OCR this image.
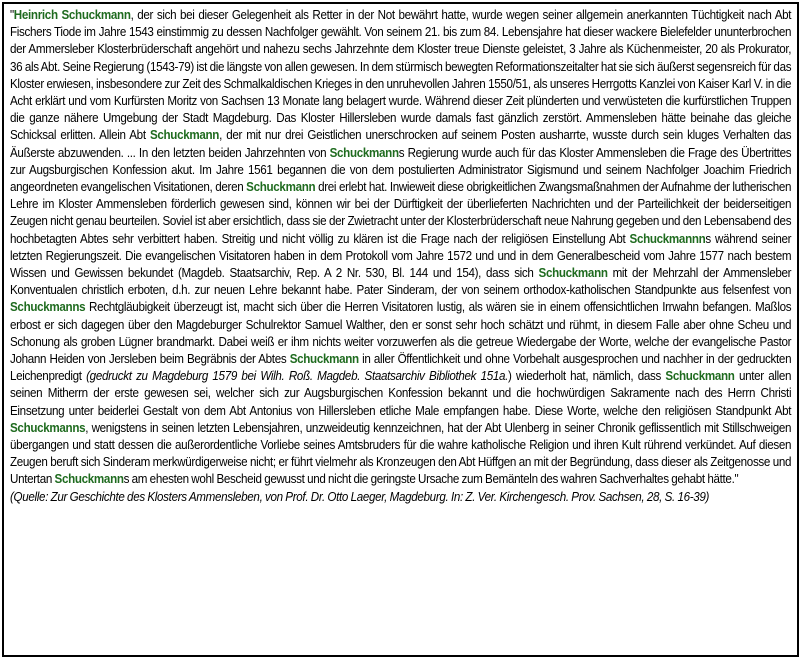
"Heinrich Schuckmann, der sich bei dieser Gelegenheit als Retter in der Not bewährt hatte, wurde wegen seiner allgemein anerkannten Tüchtigkeit nach Abt Fischers Tiode im Jahre 1543 einstimmig zu dessen Nachfolger gewählt. Von seinem 21. bis zum 84. Lebensjahre hat dieser wackere Bielefelder ununterbrochen der Ammersleber Klosterbrüderschaft angehört und nahezu sechs Jahrzehnte dem Kloster treue Dienste geleistet, 3 Jahre als Küchenmeister, 20 als Prokurator, 36 als Abt. Seine Regierung (1543-79) ist die längste von allen gewesen. In dem stürmisch bewegten Reformationszeitalter hat sie sich äußerst segensreich für das Kloster erwiesen, insbesondere zur Zeit des Schmalkaldischen Krieges in den unruhevollen Jahren 1550/51, als unseres Herrgotts Kanzlei von Kaiser Karl V. in die Acht erklärt und vom Kurfürsten Moritz von Sachsen 13 Monate lang belagert wurde. Während dieser Zeit plünderten und verwüsteten die kurfürstlichen Truppen die ganze nähere Umgebung der Stadt Magdeburg. Das Kloster Hillersleben wurde damals fast gänzlich zerstört. Ammensleben hätte beinahe das gleiche Schicksal erlitten. Allein Abt Schuckmann, der mit nur drei Geistlichen unerschrocken auf seinem Posten ausharrte, wusste durch sein kluges Verhalten das Äußerste abzuwenden. ... In den letzten beiden Jahrzehnten von Schuckmanns Regierung wurde auch für das Kloster Ammensleben die Frage des Übertrittes zur Augsburgischen Konfession akut. Im Jahre 1561 begannen die von dem postulierten Administrator Sigismund und seinem Nachfolger Joachim Friedrich angeordneten evangelischen Visitationen, deren Schuckmann drei erlebt hat. Inwieweit diese obrigkeitlichen Zwangsmaßnahmen der Aufnahme der lutherischen Lehre im Kloster Ammensleben förderlich gewesen sind, können wir bei der Dürftigkeit der überlieferten Nachrichten und der Parteilichkeit der beiderseitigen Zeugen nicht genau beurteilen. Soviel ist aber ersichtlich, dass sie der Zwietracht unter der Klosterbrüderschaft neue Nahrung gegeben und den Lebensabend des hochbetagten Abtes sehr verbittert haben. Streitig und nicht völlig zu klären ist die Frage nach der religiösen Einstellung Abt Schuckmannns während seiner letzten Regierungszeit. Die evangelischen Visitatoren haben in dem Protokoll vom Jahre 1572 und und in dem Generalbescheid vom Jahre 1577 nach bestem Wissen und Gewissen bekundet (Magdeb. Staatsarchiv, Rep. A 2 Nr. 530, Bl. 144 und 154), dass sich Schuckmann mit der Mehrzahl der Ammensleber Konventualen christlich erboten, d.h. zur neuen Lehre bekannt habe. Pater Sinderam, der von seinem orthodox-katholischen Standpunkte aus felsenfest von Schuckmanns Rechtgläubigkeit überzeugt ist, macht sich über die Herren Visitatoren lustig, als wären sie in einem offensichtlichen Irrwahn befangen. Maßlos erbost er sich dagegen über den Magdeburger Schulrektor Samuel Walther, den er sonst sehr hoch schätzt und rühmt, in diesem Falle aber ohne Scheu und Schonung als groben Lügner brandmarkt. Dabei weiß er ihm nichts weiter vorzuwerfen als die getreue Wiedergabe der Worte, welche der evangelische Pastor Johann Heiden von Jersleben beim Begräbnis der Abtes Schuckmann in aller Öffentlichkeit und ohne Vorbehalt ausgesprochen und nachher in der gedruckten Leichenpredigt (gedruckt zu Magdeburg 1579 bei Wilh. Roß. Magdeb. Staatsarchiv Bibliothek 151a.) wiederholt hat, nämlich, dass Schuckmann unter allen seinen Mitherrn der erste gewesen sei, welcher sich zur Augsburgischen Konfession bekannt und die hochwürdigen Sakramente nach des Herrn Christi Einsetzung unter beiderlei Gestalt von dem Abt Antonius von Hillersleben etliche Male empfangen habe. Diese Worte, welche den religiösen Standpunkt Abt Schuckmanns, wenigstens in seinen letzten Lebensjahren, unzweideutig kennzeichnen, hat der Abt Ulenberg in seiner Chronik geflissentlich mit Stillschweigen übergangen und statt dessen die außerordentliche Vorliebe seines Amtsbruders für die wahre katholische Religion und ihren Kult rührend verkündet. Auf diesen Zeugen beruft sich Sinderam merkwürdigerweise nicht; er führt vielmehr als Kronzeugen den Abt Hüffgen an mit der Begründung, dass dieser als Zeitgenosse und Untertan Schuckmanns am ehesten wohl Bescheid gewusst und nicht die geringste Ursache zum Bemänteln des wahren Sachverhaltes gehabt hätte."
(Quelle: Zur Geschichte des Klosters Ammensleben, von Prof. Dr. Otto Laeger, Magdeburg. In: Z. Ver. Kirchengesch. Prov. Sachsen, 28, S. 16-39)
